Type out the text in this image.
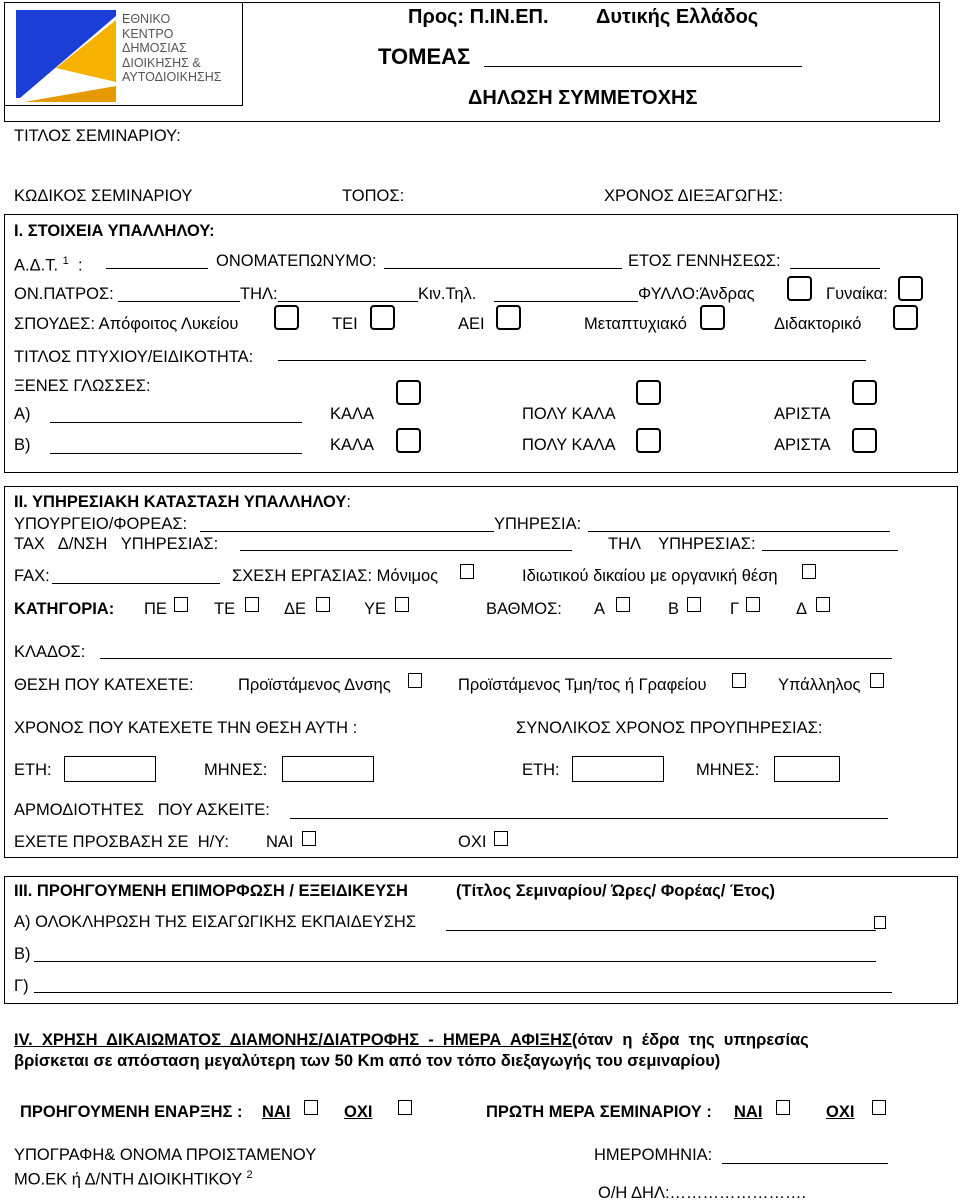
ΕΘΝΙΚΟ
ΚΕΝΤΡΟ
ΔΗΜΟΣΙΑΣ
ΔΙΟΙΚΗΣΗΣ &
ΑΥΤΟΔΙΟΙΚΗΣΗΣ
Προς: Π.ΙΝ.ΕΠ. Δυτικής Ελλάδος
ΤΟΜΕΑΣ
ΔΗΛΩΣΗ ΣΥΜΜΕΤΟΧΗΣ
ΤΙΤΛΟΣ ΣΕΜΙΝΑΡΙΟΥ:
ΚΩΔΙΚΟΣ ΣΕΜΙΝΑΡΙΟΥ	ΤΟΠΟΣ:	ΧΡΟΝΟΣ ΔΙΕΞΑΓΩΓΗΣ:
Ι. ΣΤΟΙΧΕΙΑ ΥΠΑΛΛΗΛΟΥ:
Α.Δ.Τ. $^1$ :	ΟΝΟΜΑΤΕΠΩΝΥΜΟ:	ΕΤΟΣ ΓΕΝΝΗΣΕΩΣ:
ΟΝ.ΠΑΤΡΟΣ:	ΤΗΛ:	Κιν.Τηλ.	ΦΥΛΛΟ:Άνδρας	Γυναίκα:
ΣΠΟΥΔΕΣ: Απόφοιτος Λυκείου	ΤΕΙ	ΑΕΙ	Μεταπτυχιακό	Διδακτορικό
ΤΙΤΛΟΣ ΠΤΥΧΙΟΥ/ΕΙΔΙΚΟΤΗΤΑ:
ΞΕΝΕΣ ΓΛΩΣΣΕΣ:
Α)	ΚΑΛΑ	ΠΟΛΥ ΚΑΛΑ	ΑΡΙΣΤΑ
Β)	ΚΑΛΑ	ΠΟΛΥ ΚΑΛΑ	ΑΡΙΣΤΑ
ΙΙ. ΥΠΗΡΕΣΙΑΚΗ ΚΑΤΑΣΤΑΣΗ ΥΠΑΛΛΗΛΟΥ:
ΥΠΟΥΡΓΕΙΟ/ΦΟΡΕΑΣ:	ΥΠΗΡΕΣΙΑ:
ΤΑΧ   Δ/ΝΣΗ   ΥΠΗΡΕΣΙΑΣ:	ΤΗΛ    ΥΠΗΡΕΣΙΑΣ:
FAX:	ΣΧΕΣΗ ΕΡΓΑΣΙΑΣ: Μόνιμος	Ιδιωτικού δικαίου με οργανική θέση
ΚΑΤΗΓΟΡΙΑ: ΠΕ	ΤΕ	ΔΕ	ΥΕ	ΒΑΘΜΟΣ: Α	Β	Γ	Δ
ΚΛΑΔΟΣ:
ΘΕΣΗ ΠΟΥ ΚΑΤΕΧΕΤΕ:	Προϊστάμενος Δνσης	Προϊστάμενος Τμη/τος ή Γραφείου	Υπάλληλος
ΧΡΟΝΟΣ ΠΟΥ ΚΑΤΕΧΕΤΕ ΤΗΝ ΘΕΣΗ ΑΥΤΗ :	ΣΥΝΟΛΙΚΟΣ ΧΡΟΝΟΣ ΠΡΟΥΠΗΡΕΣΙΑΣ:
ΕΤΗ:	ΜΗΝΕΣ:	ΕΤΗ:	ΜΗΝΕΣ:
ΑΡΜΟΔΙΟΤΗΤΕΣ   ΠΟΥ ΑΣΚΕΙΤΕ:
ΕΧΕΤΕ ΠΡΟΣΒΑΣΗ ΣΕ  Η/Υ: ΝΑΙ	ΟΧΙ
ΙΙΙ. ΠΡΟΗΓΟΥΜΕΝΗ ΕΠΙΜΟΡΦΩΣΗ / ΕΞΕΙΔΙΚΕΥΣΗ	(Τίτλος Σεμιναρίου/ Ώρες/ Φορέας/ Έτος)
Α) ΟΛΟΚΛΗΡΩΣΗ ΤΗΣ ΕΙΣΑΓΩΓΙΚΗΣ ΕΚΠΑΙΔΕΥΣΗΣ
Β)
Γ)
ΙV.  ΧΡΗΣΗ  ΔΙΚΑΙΩΜΑΤΟΣ  ΔΙΑΜΟΝΗΣ/ΔΙΑΤΡΟΦΗΣ  -  ΗΜΕΡΑ  ΑΦΙΞΗΣ(όταν  η  έδρα  της  υπηρεσίας
βρίσκεται σε απόσταση μεγαλύτερη των 50 Km από τον τόπο διεξαγωγής του σεμιναρίου)
ΠΡΟΗΓΟΥΜΕΝΗ ΕΝΑΡΞΗΣ : ΝΑΙ	ΟΧΙ	ΠΡΩΤΗ ΜΕΡΑ ΣΕΜΙΝΑΡΙΟΥ : ΝΑΙ	ΟΧΙ
ΥΠΟΓΡΑΦΗ& ΟΝΟΜΑ ΠΡΟΙΣΤΑΜΕΝΟΥ
ΜΟ.ΕΚ ή Δ/ΝΤΗ ΔΙΟΙΚΗΤΙΚΟΥ $^2$
ΗΜΕΡΟΜΗΝΙΑ:
Ο/Η ΔΗΛ:…………………….
